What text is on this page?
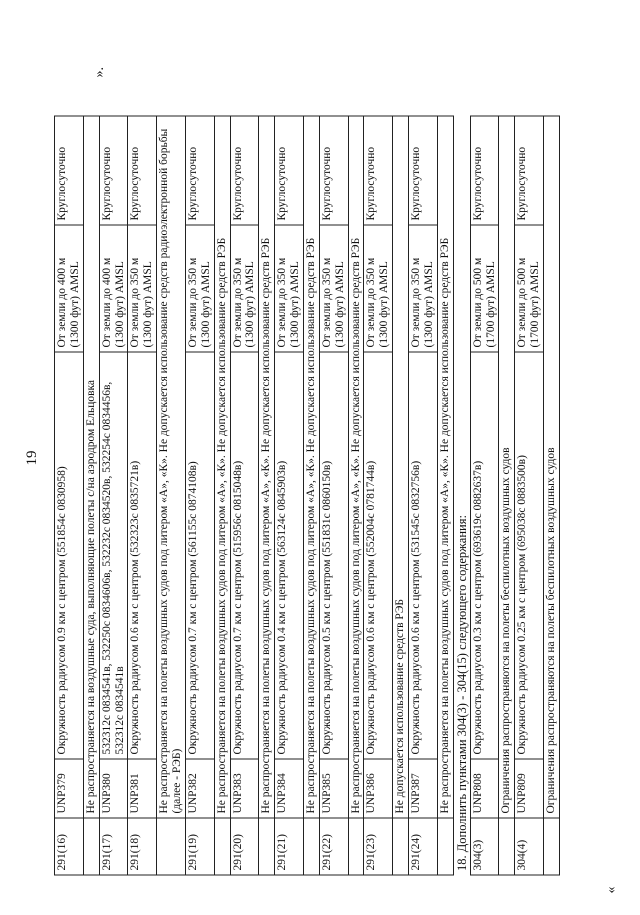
19
«
».
291(16)	UNP379	Окружность радиусом 0.9 км с центром (551854с 0830958)	От земли до 400 м (1300 фут) AMSL	Круглосуточно
	Не распространяется на воздушные суда, выполняющие полеты с/на аэродром Ельцовка			
291(17)	UNP380	532312с 0834541в, 532250с 0834606в, 532232с 0834520в, 532254с 0834456в, 532312с 0834541в	От земли до 400 м (1300 фут) AMSL	Круглосуточно
291(18)	UNP381	Окружность радиусом 0.6 км с центром (532323с 0835721в)	От земли до 350 м (1300 фут) AMSL	Круглосуточно
	Не распространяется на полеты воздушных судов под литером «А», «К». Не допускается использование средств радиоэлектронной борьбы (далее - РЭБ)			
291(19)	UNP382	Окружность радиусом 0.7 км с центром (561155с 0874108в)	От земли до 350 м (1300 фут) AMSL	Круглосуточно
	Не распространяется на полеты воздушных судов под литером «А», «К». Не допускается использование средств РЭБ			
291(20)	UNP383	Окружность радиусом 0.7 км с центром (515956с 0815048в)	От земли до 350 м (1300 фут) AMSL	Круглосуточно
	Не распространяется на полеты воздушных судов под литером «А», «К». Не допускается использование средств РЭБ			
291(21)	UNP384	Окружность радиусом 0.4 км с центром (563124с 0845903в)	От земли до 350 м (1300 фут) AMSL	Круглосуточно
	Не распространяется на полеты воздушных судов под литером «А», «К». Не допускается использование средств РЭБ			
291(22)	UNP385	Окружность радиусом 0.5 км с центром (551831с 0860150в)	От земли до 350 м (1300 фут) AMSL	Круглосуточно
	Не распространяется на полеты воздушных судов под литером «А», «К». Не допускается использование средств РЭБ			
291(23)	UNP386	Окружность радиусом 0.6 км с центром (552004с 0781744в)	От земли до 350 м (1300 фут) AMSL	Круглосуточно
	Не допускается использование средств РЭБ			
291(24)	UNP387	Окружность радиусом 0.6 км с центром (531545с 0832756в)	От земли до 350 м (1300 фут) AMSL	Круглосуточно
	Не распространяется на полеты воздушных судов под литером «А», «К». Не допускается использование средств РЭБ			
18. Дополнить пунктами 304(3) - 304(15) следующего содержания:				
304(3)	UNP808	Окружность радиусом 0.3 км с центром (693619с 0882637в)	От земли до 500 м (1700 фут) AMSL	Круглосуточно
	Ограничения распространяются на полеты беспилотных воздушных судов			
304(4)	UNP809	Окружность радиусом 0.25 км с центром (695038с 0883500в)	От земли до 500 м (1700 фут) AMSL	Круглосуточно
	Ограничения распространяются на полеты беспилотных воздушных судов			
